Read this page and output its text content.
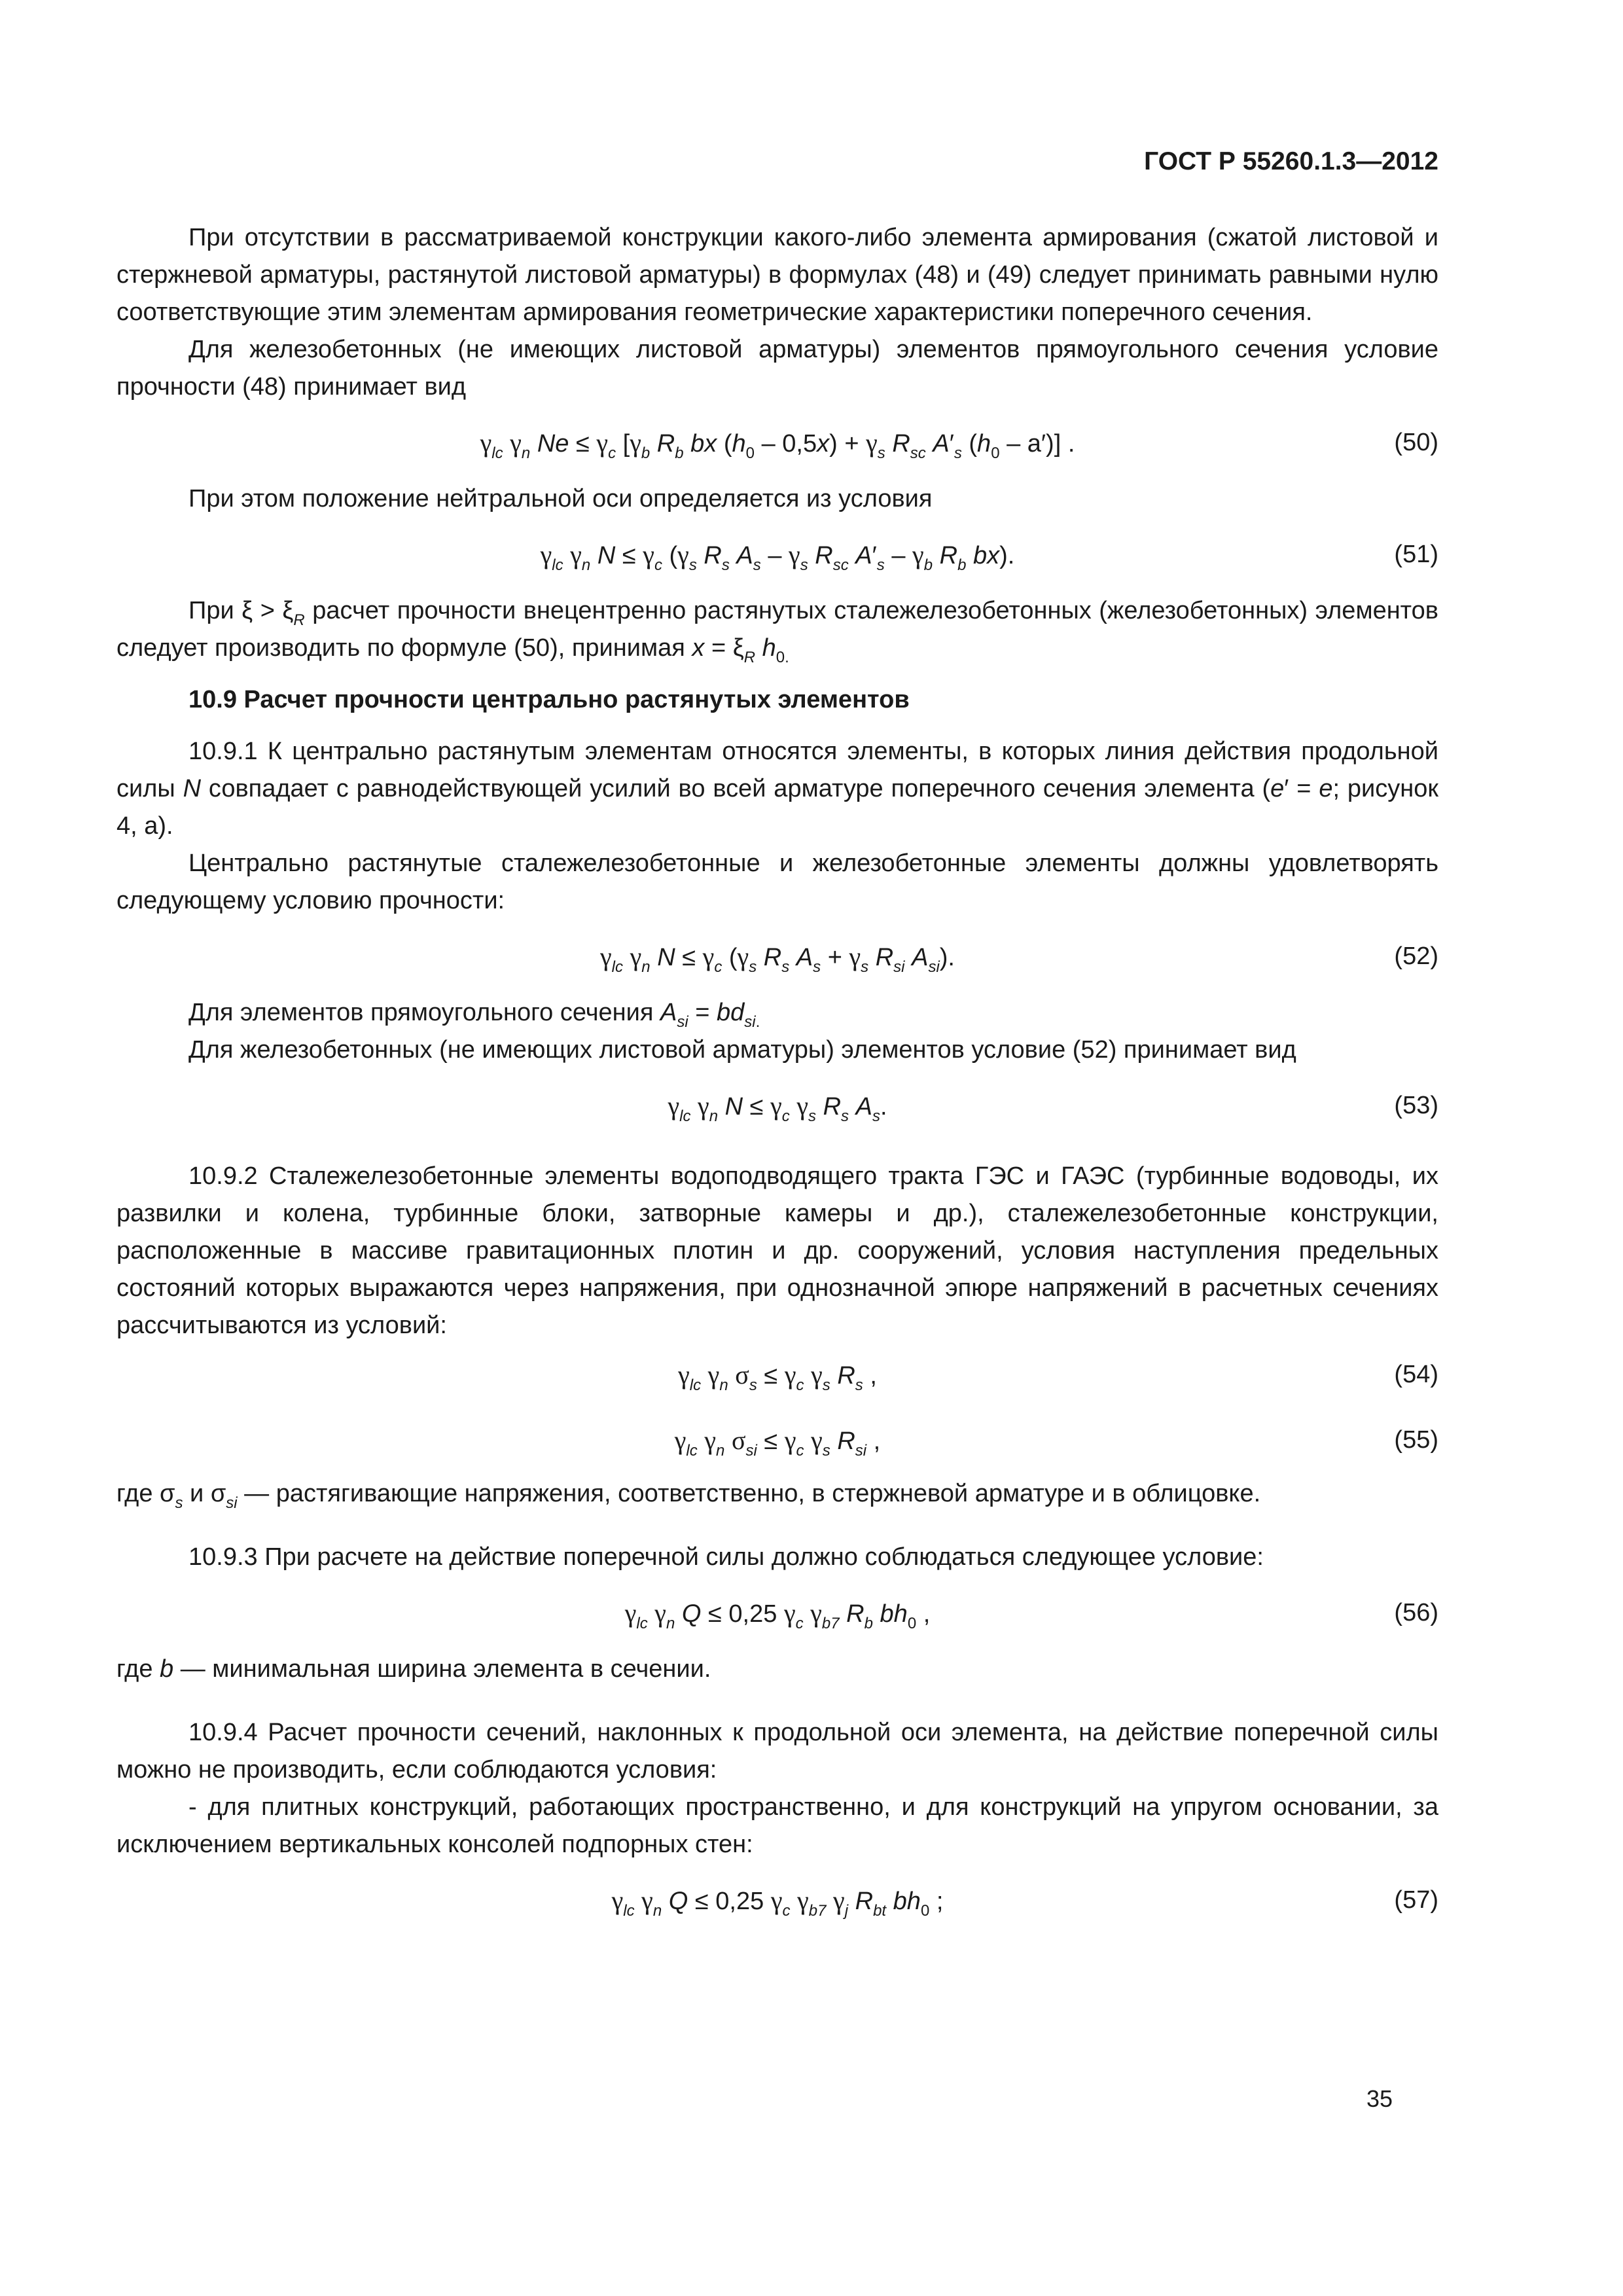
ГОСТ Р 55260.1.3—2012

При отсутствии в рассматриваемой конструкции какого-либо элемента армирования (сжатой листовой и стержневой арматуры, растянутой листовой арматуры) в формулах (48) и (49) следует принимать равными нулю соответствующие этим элементам армирования геометрические характеристики поперечного сечения.

Для железобетонных (не имеющих листовой арматуры) элементов прямоугольного сечения условие прочности (48) принимает вид

$\gamma_{lc}$ $\gamma_n$ $Ne \le \gamma_c$ [$\gamma_b$ $R_b$ bx $(h_0 - 0,5x) + \gamma_s$ $R_{sc}$ $A'_s$ $(h_0 - a')$] .	(50)

При этом положение нейтральной оси определяется из условия

$\gamma_{lc}$ $\gamma_n$ $N \le \gamma_c$ ($\gamma_s$ $R_s$ $A_s - \gamma_s$ $R_{sc}$ $A'_s - \gamma_b$ $R_b$ bx).	(51)

При $\xi > \xi_R$ расчет прочности внецентренно растянутых сталежелезобетонных (железобетонных) элементов следует производить по формуле (50), принимая $x = \xi_R$ $h_{0.}$

10.9 Расчет прочности центрально растянутых элементов

10.9.1 К центрально растянутым элементам относятся элементы, в которых линия действия продольной силы N совпадает с равнодействующей усилий во всей арматуре поперечного сечения элемента (e′ = e; рисунок 4, а).

Центрально растянутые сталежелезобетонные и железобетонные элементы должны удовлетворять следующему условию прочности:

$\gamma_{lc}$ $\gamma_n$ $N \le \gamma_c$ ($\gamma_s$ $R_s$ $A_s + \gamma_s$ $R_{si}$ $A_{si}$).	(52)

Для элементов прямоугольного сечения $A_{si} = bd_{si.}$

Для железобетонных (не имеющих листовой арматуры) элементов условие (52) принимает вид

$\gamma_{lc}$ $\gamma_n$ $N \le \gamma_c$ $\gamma_s$ $R_s$ $A_s$.	(53)

10.9.2 Сталежелезобетонные элементы водоподводящего тракта ГЭС и ГАЭС (турбинные водоводы, их развилки и колена, турбинные блоки, затворные камеры и др.), сталежелезобетонные конструкции, расположенные в массиве гравитационных плотин и др. сооружений, условия наступления предельных состояний которых выражаются через напряжения, при однозначной эпюре напряжений в расчетных сечениях рассчитываются из условий:

$\gamma_{lc}$ $\gamma_n$ $\sigma_s \le \gamma_c$ $\gamma_s$ $R_s$ ,	(54)
$\gamma_{lc}$ $\gamma_n$ $\sigma_{si} \le \gamma_c$ $\gamma_s$ $R_{si}$ ,	(55)

где $\sigma_s$ и $\sigma_{si}$ — растягивающие напряжения, соответственно, в стержневой арматуре и в облицовке.

10.9.3 При расчете на действие поперечной силы должно соблюдаться следующее условие:

$\gamma_{lc}$ $\gamma_n$ Q ≤ 0,25 $\gamma_c$ $\gamma_{b7}$ $R_b$ $bh_0$ ,	(56)

где b — минимальная ширина элемента в сечении.

10.9.4 Расчет прочности сечений, наклонных к продольной оси элемента, на действие поперечной силы можно не производить, если соблюдаются условия:

- для плитных конструкций, работающих пространственно, и для конструкций на упругом основании, за исключением вертикальных консолей подпорных стен:

$\gamma_{lc}$ $\gamma_n$ Q ≤ 0,25 $\gamma_c$ $\gamma_{b7}$ $\gamma_j$ $R_{bt}$ $bh_0$ ;	(57)
35
